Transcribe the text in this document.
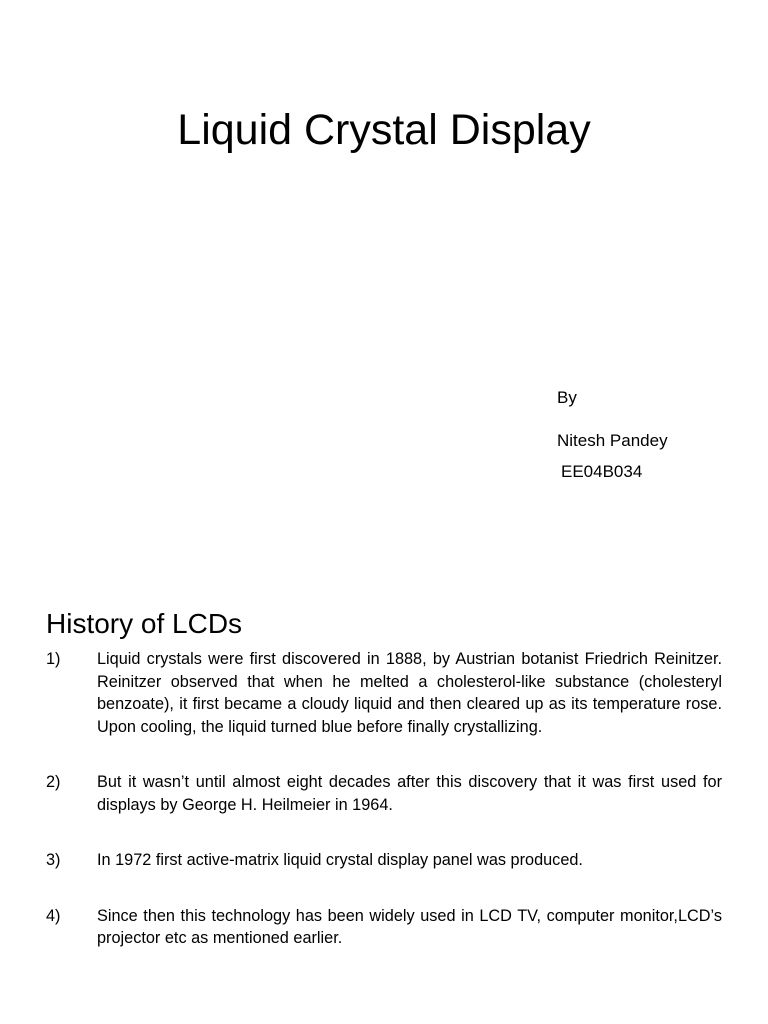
Liquid Crystal Display

By

Nitesh Pandey

EE04B034

History of LCDs
1) Liquid crystals were first discovered in 1888, by Austrian botanist Friedrich Reinitzer. Reinitzer observed that when he melted a cholesterol-like substance (cholesteryl benzoate), it first became a cloudy liquid and then cleared up as its temperature rose. Upon cooling, the liquid turned blue before finally crystallizing.
2) But it wasn’t until almost eight decades after this discovery that it was first used for displays by George H. Heilmeier in 1964.
3) In 1972 first active-matrix liquid crystal display panel was produced.
4) Since then this technology has been widely used in LCD TV, computer monitor,LCD’s projector etc as mentioned earlier.
